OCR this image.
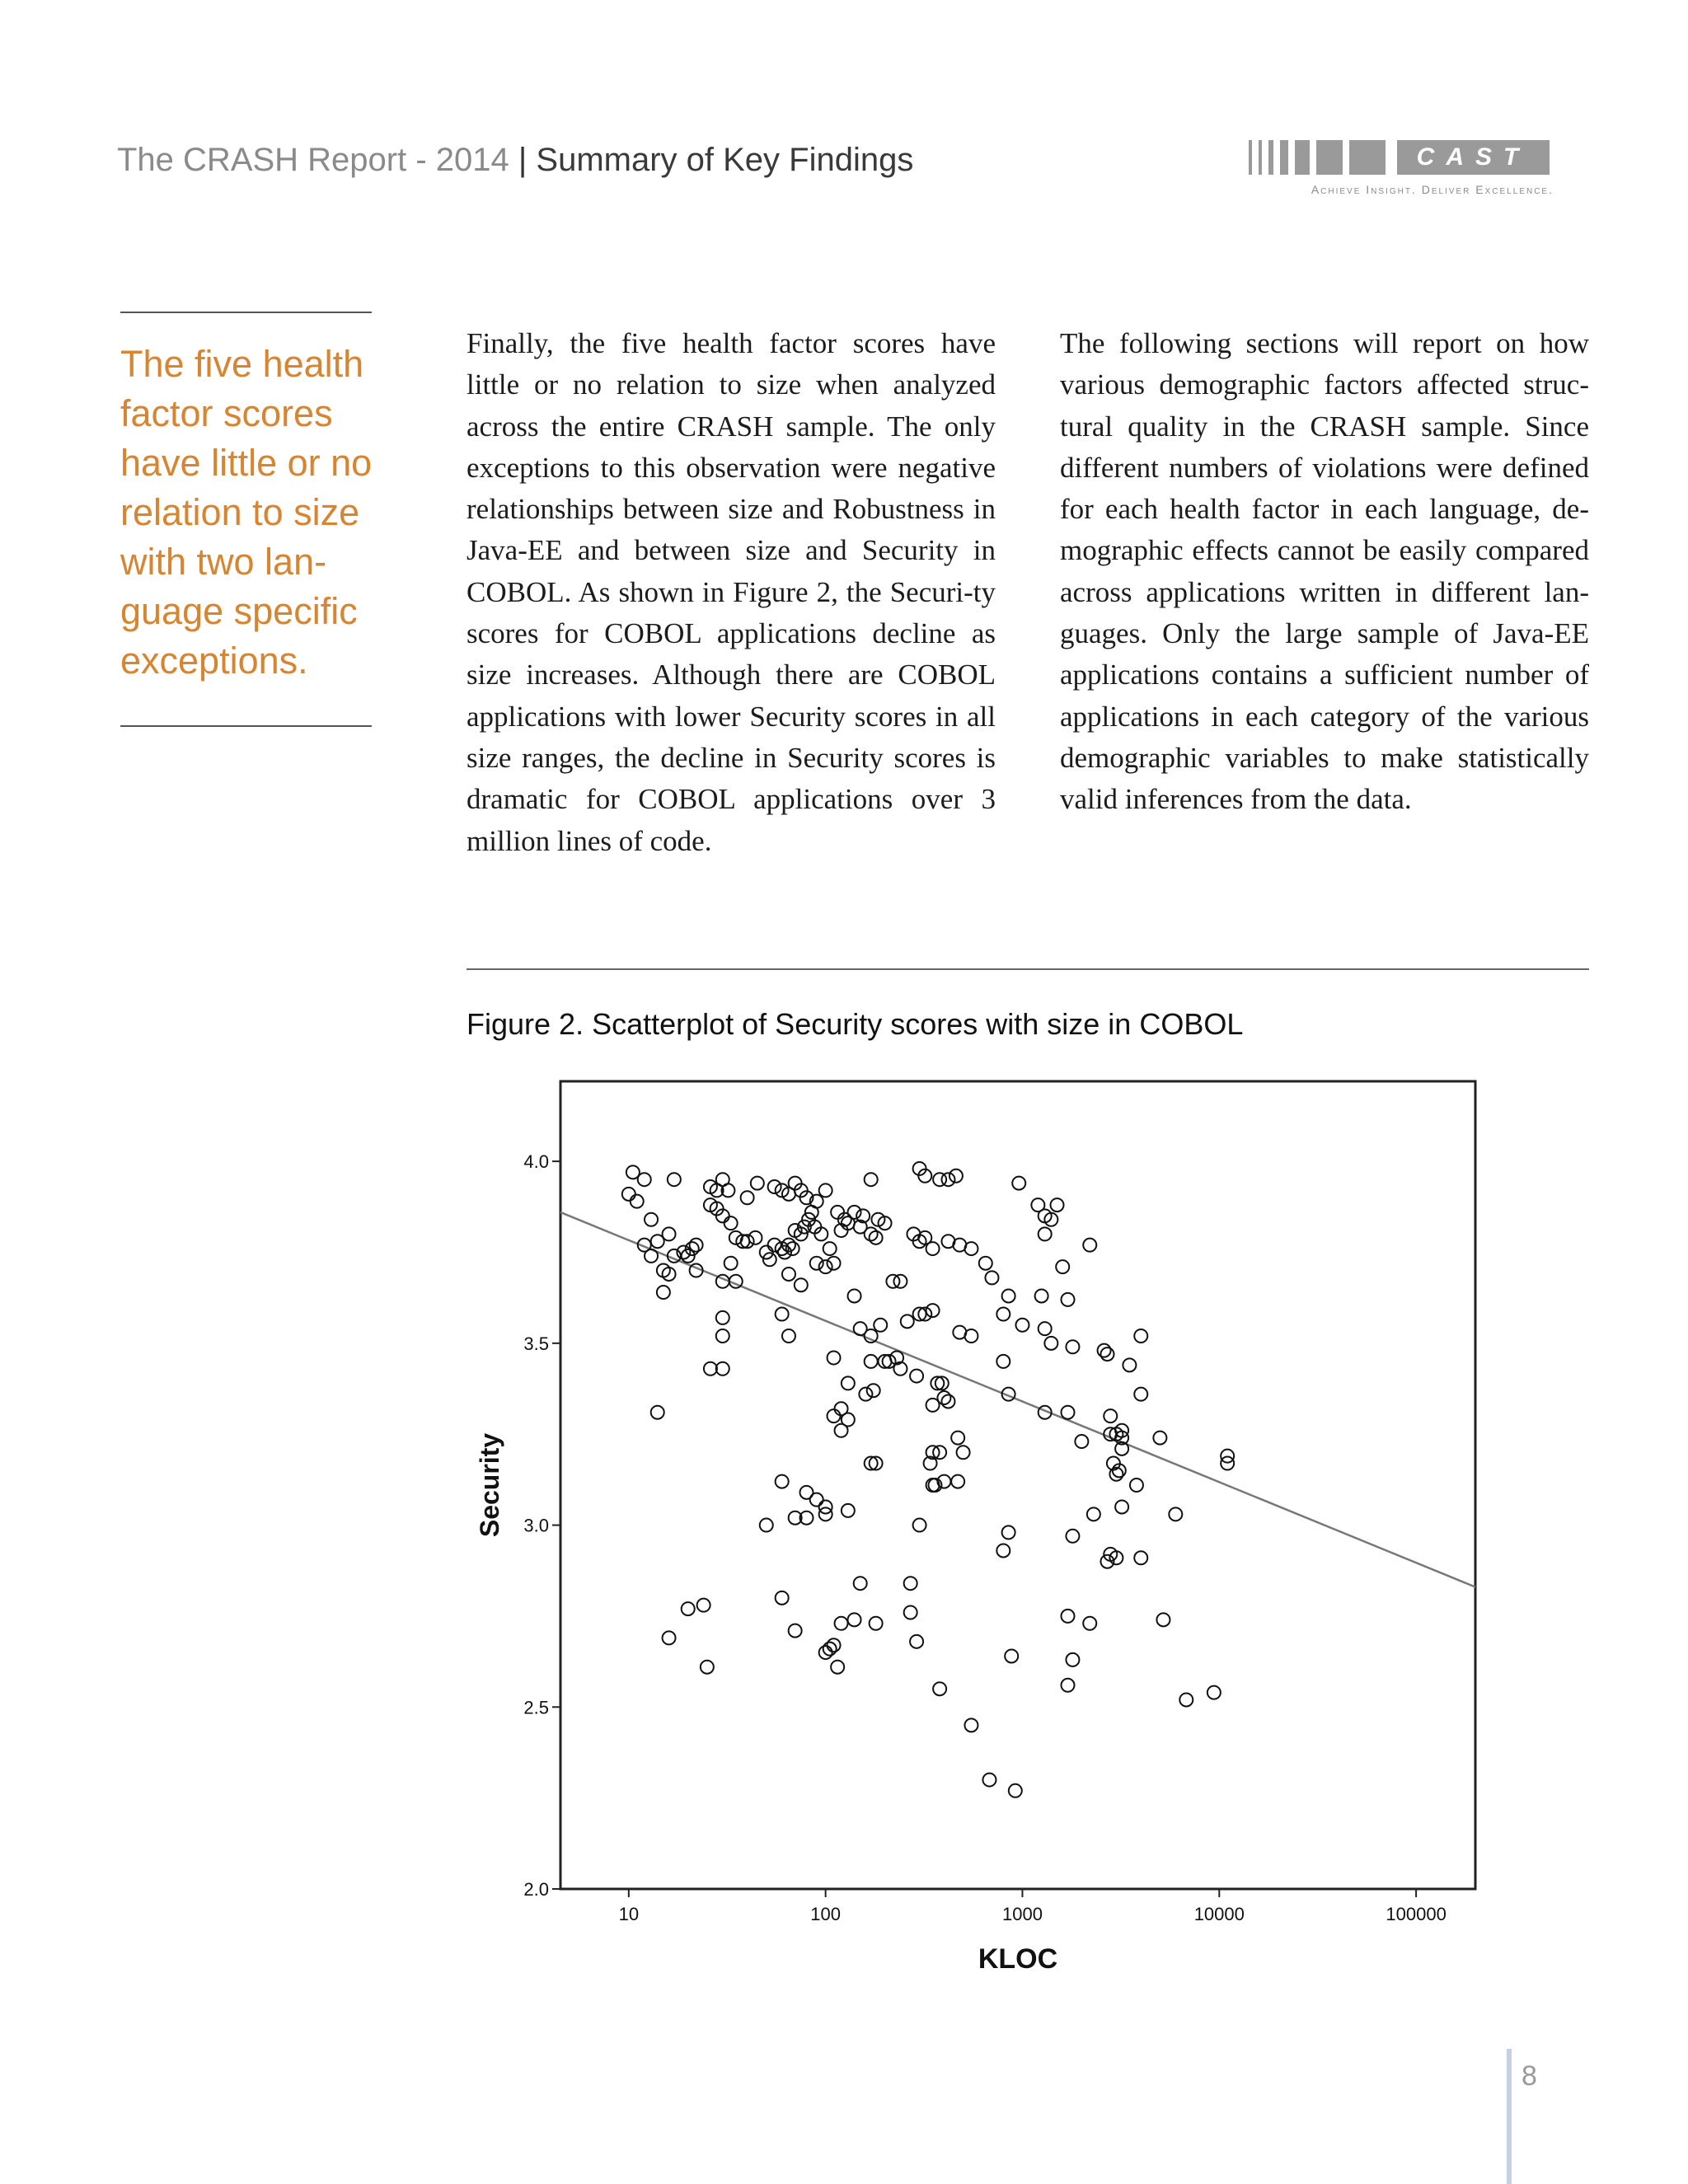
The CRASH Report - 2014 | Summary of Key Findings	CAST
Achieve Insight. Deliver Excellence.
The five health factor scores have little or no relation to size with two lan-guage specific exceptions.
Finally, the five health factor scores have little or no relation to size when analyzed across the entire CRASH sample. The only exceptions to this observation were negative relationships between size and Robustness in Java-EE and between size and Security in COBOL. As shown in Figure 2, the Securi-ty scores for COBOL applications decline as size increases. Although there are COBOL applications with lower Security scores in all size ranges, the decline in Security scores is dramatic for COBOL applications over 3 million lines of code.
The following sections will report on how various demographic factors affected struc-tural quality in the CRASH sample. Since different numbers of violations were defined for each health factor in each language, de-mographic effects cannot be easily compared across applications written in different lan-guages. Only the large sample of Java-EE applications contains a sufficient number of applications in each category of the various demographic variables to make statistically valid inferences from the data.
Figure 2. Scatterplot of Security scores with size in COBOL
2.0
2.5
3.0
3.5
4.0
10	100	1000	10000	100000
KLOC
Security
8
